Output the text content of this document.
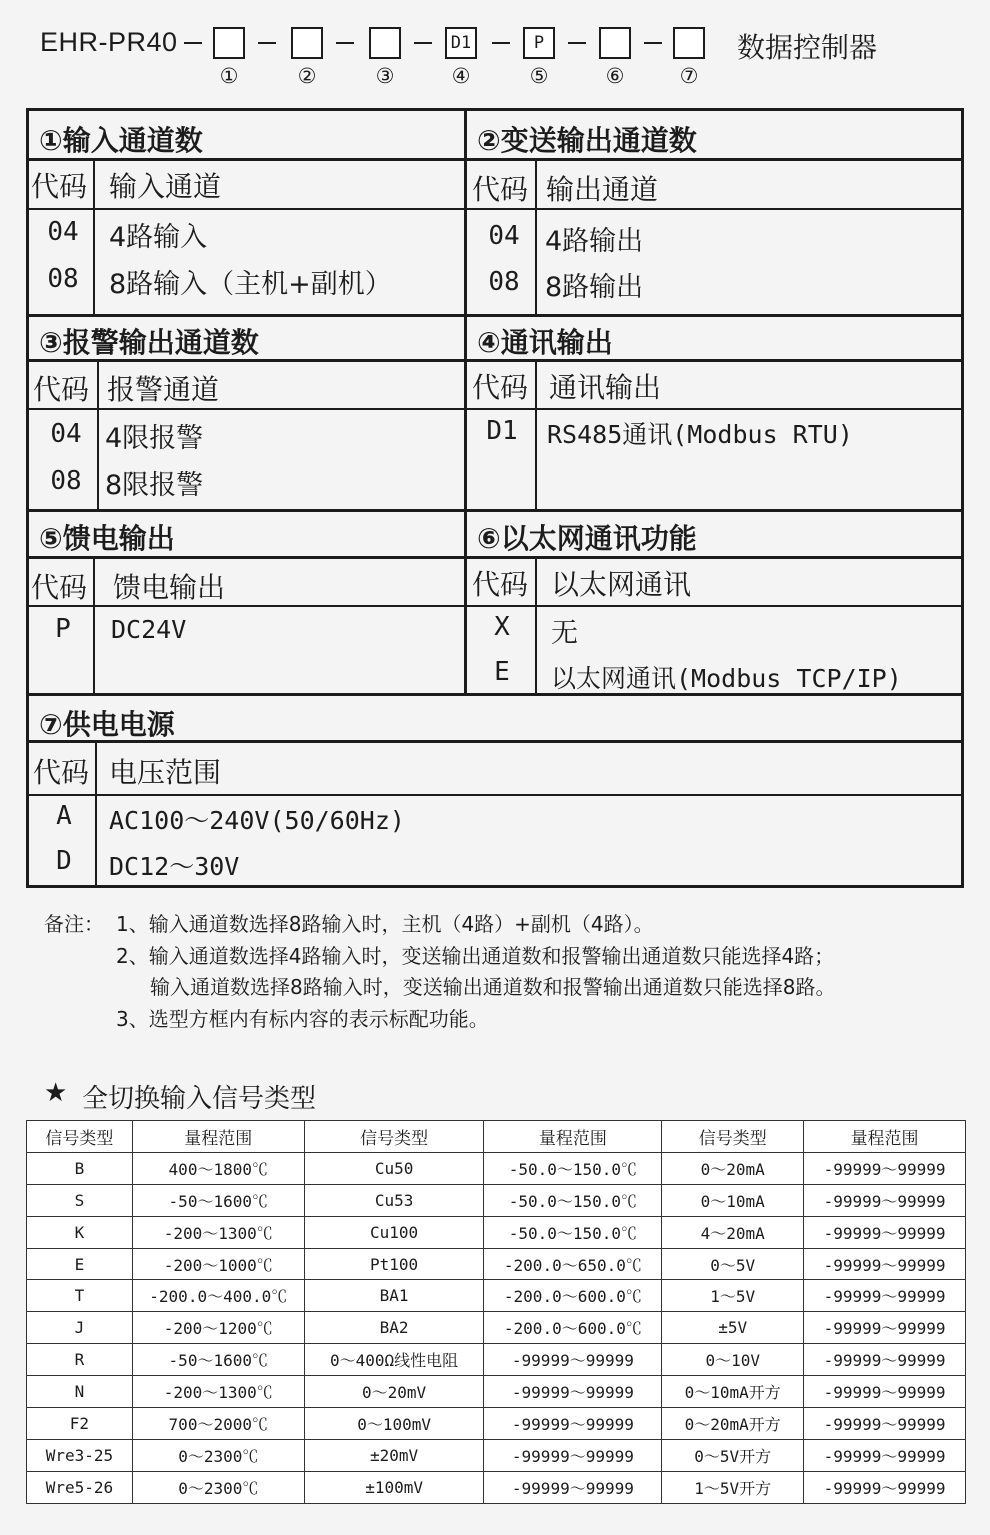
EHR-PR40
①	②	③
D1
④
P
⑤	⑥	⑦
数据控制器
①输入通道数
代码 输入通道
04	4路输入
08	8路输入（主机+副机）
②变送输出通道数
代码 输出通道
04 4路输出
08 8路输出
③报警输出通道数
代码 报警通道
04 4限报警
08 8限报警
④通讯输出
代码 通讯输出
D1	RS485通讯(Modbus RTU)
⑤馈电输出
代码 馈电输出
P	DC24V
⑥以太网通讯功能
代码 以太网通讯
X	无
E	以太网通讯(Modbus TCP/IP)
⑦供电电源
代码 电压范围
A	AC100～240V(50/60Hz)
D	DC12～30V
备注： 1、输入通道数选择8路输入时，主机（4路）+副机（4路）。
2、输入通道数选择4路输入时，变送输出通道数和报警输出通道数只能选择4路；
输入通道数选择8路输入时，变送输出通道数和报警输出通道数只能选择8路。
3、选型方框内有标内容的表示标配功能。
★ 全切换输入信号类型
信号类型	量程范围	信号类型	量程范围	信号类型	量程范围
B	400～1800℃	Cu50	-50.0～150.0℃	0～20mA	-99999～99999
S	-50～1600℃	Cu53	-50.0～150.0℃	0～10mA	-99999～99999
K	-200～1300℃	Cu100	-50.0～150.0℃	4～20mA	-99999～99999
E	-200～1000℃	Pt100	-200.0～650.0℃	0～5V	-99999～99999
T	-200.0～400.0℃	BA1	-200.0～600.0℃	1～5V	-99999～99999
J	-200～1200℃	BA2	-200.0～600.0℃	±5V	-99999～99999
R	-50～1600℃	0～400Ω线性电阻	-99999～99999	0～10V	-99999～99999
N	-200～1300℃	0～20mV	-99999～99999	0～10mA开方	-99999～99999
F2	700～2000℃	0～100mV	-99999～99999	0～20mA开方	-99999～99999
Wre3-25	0～2300℃	±20mV	-99999～99999	0～5V开方	-99999～99999
Wre5-26	0～2300℃	±100mV	-99999～99999	1～5V开方	-99999～99999
